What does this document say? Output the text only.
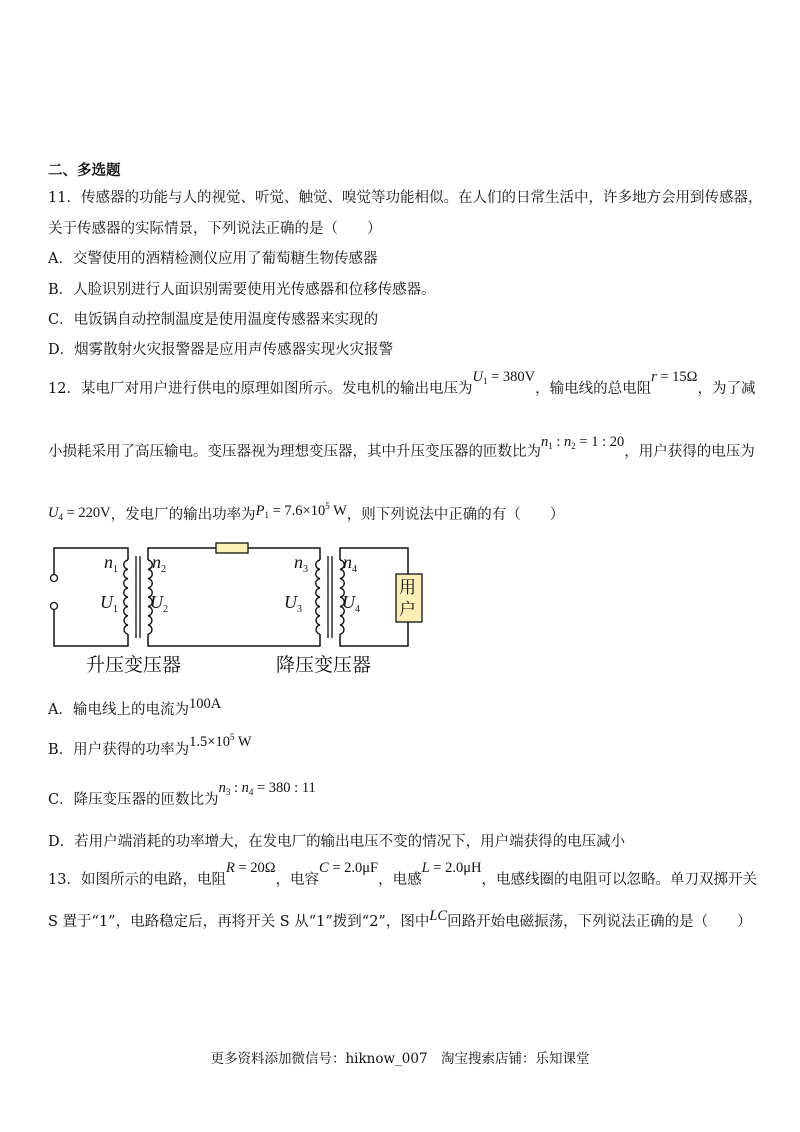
二、多选题
11．传感器的功能与人的视觉、听觉、触觉、嗅觉等功能相似。在人们的日常生活中，许多地方会用到传感器，
关于传感器的实际情景，下列说法正确的是（　　）
A．交警使用的酒精检测仪应用了葡萄糖生物传感器
B．人脸识别进行人面识别需要使用光传感器和位移传感器。
C．电饭锅自动控制温度是使用温度传感器来实现的
D．烟雾散射火灾报警器是应用声传感器实现火灾报警
12．某电厂对用户进行供电的原理如图所示。发电机的输出电压为$U_1 = 380V$，输电线的总电阻r = 15Ω，为了减
小损耗采用了高压输电。变压器视为理想变压器，其中升压变压器的匝数比为$n_1$ : $n_2 = 1$ : 20，用户获得的电压为
$U_4 = 220V$，发电厂的输出功率为$P_1 = 7.6\times 10^5$ W，则下列说法中正确的有（　　）
$n_1$ $n_2$	$n_3$ $n_4$
$U_1$ $U_2$	$U_3$ $U_4$
用
户
升压变压器	降压变压器
A．输电线上的电流为100A
B．用户获得的功率为$1.5\times 10^5$ W
C．降压变压器的匝数比为$n_3$ : $n_4 = 380$ : 11
D．若用户端消耗的功率增大，在发电厂的输出电压不变的情况下，用户端获得的电压减小
13．如图所示的电路，电阻R = 20Ω，电容C = 2.0μF，电感L = 2.0μH，电感线圈的电阻可以忽略。单刀双掷开关
S 置于“1”，电路稳定后，再将开关 S 从“1”拨到“2”，图中LC回路开始电磁振荡，下列说法正确的是（　　）
更多资料添加微信号：hiknow_007　淘宝搜索店铺：乐知课堂
